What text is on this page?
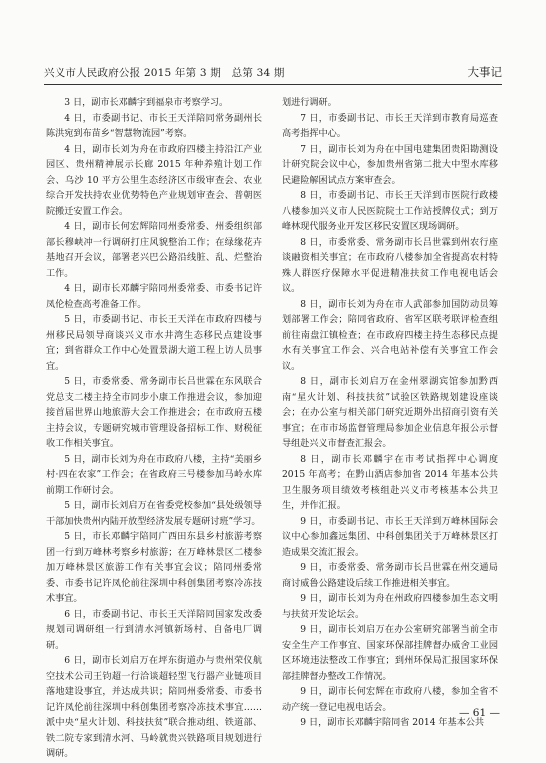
兴义市人民政府公报 2015 年第 3 期　总第 34 期	大事记

3 日，副市长邓麟宇到福泉市考察学习。

4 日，市委副书记、市长王天洋陪同常务副州长陈洪宛到布苗乡“智慧物流园”考察。

4 日，副市长刘为舟在市政府四楼主持沿江产业园区、贵州精神展示长廊 2015 年种养殖计划工作会、乌沙 10 平方公里生态经济区市级审查会、农业综合开发扶持农业优势特色产业规划审查会、普朝医院搬迁安置工作会。

4 日，副市长何宏辉陪同州委常委、州委组织部部长穆峡冲一行调研打庄风貌整治工作；在绿缘花卉基地召开会议，部署老兴巴公路沿线脏、乱、烂整治工作。

4 日，副市长邓麟宇陪同州委常委、市委书记许凤伦检查高考准备工作。

5 日，市委副书记、市长王天洋在市政府四楼与州移民局领导商谈兴义市水井湾生态移民点建设事宜；到省群众工作中心处置景湖大道工程上访人员事宜。

5 日，市委常委、常务副市长吕世霖在东风联合党总支二楼主持全市同步小康工作推进会议，参加迎接首届世界山地旅游大会工作推进会；在市政府五楼主持会议，专题研究城市管理设备招标工作、财税征收工作相关事宜。

5 日，副市长刘为舟在市政府八楼，主持“美丽乡村·四在农家”工作会；在省政府三号楼参加马岭水库前期工作研讨会。

5 日，副市长刘启万在省委党校参加“县处级领导干部加快贵州内陆开放型经济发展专题研讨班”学习。

5 日，市长邓麟宇陪同广西田东县乡村旅游考察团一行到万峰林考察乡村旅游；在万峰林景区二楼参加万峰林景区旅游工作有关事宜会议；陪同州委常委、市委书记许凤伦前往深圳中科创集团考察冷冻技术事宜。

6 日，市委副书记、市长王天洋陪同国家发改委规划司调研组一行到清水河镇新场村、自备电厂调研。

6 日，副市长刘启万在坪东街道办与贵州荣仪航空技术公司王钧超一行洽谈超轻型飞行器产业链项目落地建设事宜，并达成共识；陪同州委常委、市委书记许凤伦前往深圳中科创集团考察冷冻技术事宜……派中央“星火计划、科技扶贫”联合推动组、铁道部、铁二院专家到清水河、马岭就贵兴铁路项目规划进行调研。

划进行调研。

7 日，市委副书记、市长王天洋到市教育局巡查高考指挥中心。

7 日，副市长刘为舟在中国电建集团贵阳勘测设计研究院会议中心，参加贵州省第二批大中型水库移民避险解困试点方案审查会。

8 日，市委副书记、市长王天洋到市医院行政楼八楼参加兴义市人民医院院士工作站授牌仪式；到万峰林现代服务业开发区移民安置区现场调研。

8 日，市委常委、常务副市长吕世霖到州农行座谈融资相关事宜；在市政府八楼参加全省提高农村特殊人群医疗保障水平促进精准扶贫工作电视电话会议。

8 日，副市长刘为舟在市人武部参加国防动员筹划部署工作会；陪同省政府、省军区联考联评检查组前往南盘江镇检查；在市政府四楼主持生态移民点提水有关事宜工作会、兴合电站补偿有关事宜工作会议。

8 日，副市长刘启万在金州翠湖宾馆参加黔西南“星火计划、科技扶贫”试验区铁路规划建设座谈会；在办公室与相关部门研究近期外出招商引资有关事宜；在市市场监督管理局参加企业信息年报公示督导组赴兴义市督查汇报会。

8 日，副市长邓麟宇在市考试指挥中心调度 2015 年高考；在黔山酒店参加省 2014 年基本公共卫生服务项目绩效考核组赴兴义市考核基本公共卫生，并作汇报。

9 日，市委副书记、市长王天洋到万峰林国际会议中心参加鑫远集团、中科创集团关于万峰林景区打造成果交流汇报会。

9 日，市委常委、常务副市长吕世霖在州交通局商讨威鲁公路建设后续工作推进相关事宜。

9 日，副市长刘为舟在州政府四楼参加生态文明与扶贫开发论坛会。

9 日，副市长刘启万在办公室研究部署当前全市安全生产工作事宜、国家环保部挂牌督办威舍工业园区环境违法整改工作事宜；到州环保局汇报国家环保部挂牌督办整改工作情况。

9 日，副市长何宏辉在市政府八楼，参加全省不动产统一登记电视电话会。

9 日，副市长邓麟宇陪同省 2014 年基本公共

— 61 —
